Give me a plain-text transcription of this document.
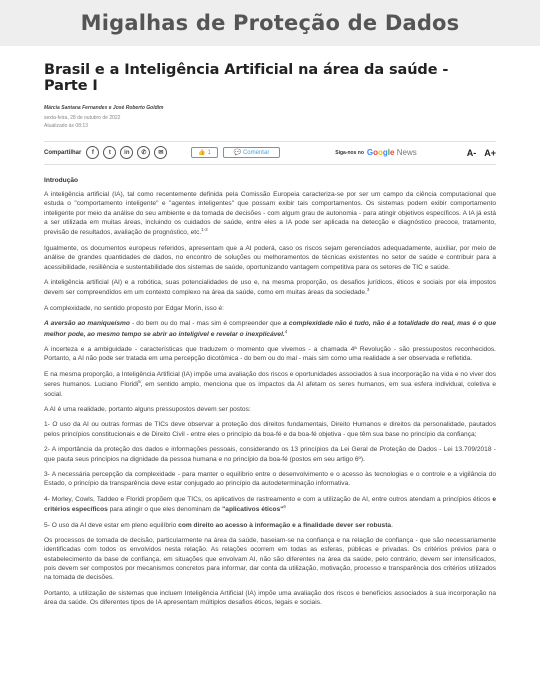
Migalhas de Proteção de Dados
Brasil e a Inteligência Artificial na área da saúde - Parte I
Márcia Santana Fernandes e José Roberto Goldim
sexta-feira, 28 de outubro de 2022
Atualizado às 08:13
Compartilhar	f	t	in	✆	✉	👍 1	💬 Comentar	Siga-nos no Google News	A- A+
Introdução

A inteligência artificial (IA), tal como recentemente definida pela Comissão Europeia caracteriza-se por ser um campo da ciência computacional que estuda o "comportamento inteligente" e "agentes inteligentes" que possam exibir tais comportamentos. Os sistemas podem exibir comportamento inteligente por meio da análise do seu ambiente e da tomada de decisões - com algum grau de autonomia - para atingir objetivos específicos. A IA já está a ser utilizada em muitas áreas, incluindo os cuidados de saúde, entre eles a IA pode ser aplicada na detecção e diagnóstico precoce, tratamento, previsão de resultados, avaliação de prognóstico, etc.$^{1-2}$

Igualmente, os documentos europeus referidos, apresentam que a AI poderá, caso os riscos sejam gerenciados adequadamente, auxiliar, por meio de análise de grandes quantidades de dados, no encontro de soluções ou melhoramentos de técnicas existentes no setor de saúde e contribuir para a acessibilidade, resiliência e sustentabilidade dos sistemas de saúde, oportunizando vantagem competitiva para os setores de TIC e saúde.

A inteligência artificial (AI) e a robótica, suas potencialidades de uso e, na mesma proporção, os desafios jurídicos, éticos e sociais por ela impostos devem ser compreendidos em um contexto complexo na área da saúde, como em muitas áreas da sociedade.$^3$

A complexidade, no sentido proposto por Edgar Morin, isso é:

A aversão ao maniqueísmo - do bem ou do mal - mas sim é compreender que a complexidade não é tudo, não é a totalidade do real, mas é o que melhor pode, ao mesmo tempo se abrir ao inteligível e revelar o inexplicável.$^4$

A incerteza e a ambiguidade - características que traduzem o momento que vivemos - a chamada 4ª Revolução - são pressupostos reconhecidos. Portanto, a AI não pode ser tratada em uma percepção dicotômica - do bem ou do mal - mais sim como uma realidade a ser observada e refletida.

E na mesma proporção, a Inteligência Artificial (IA) impõe uma avaliação dos riscos e oportunidades associados à sua incorporação na vida e no viver dos seres humanos. Luciano Floridi$^5$, em sentido amplo, menciona que os impactos da AI afetam os seres humanos, em sua esfera individual, coletiva e social.

A AI é uma realidade, portanto alguns pressupostos devem ser postos:

1- O uso da AI ou outras formas de TICs deve observar a proteção dos direitos fundamentais, Direito Humanos e direitos da personalidade, pautados pelos princípios constitucionais e de Direito Civil - entre eles o princípio da boa-fé e da boa-fé objetiva - que têm sua base no princípio da confiança;

2- A importância da proteção dos dados e informações pessoais, considerando os 13 princípios da Lei Geral de Proteção de Dados - Lei 13.709/2018 - que pauta seus princípios na dignidade da pessoa humana e no princípio da boa-fé (postos em seu artigo 6º).

3- A necessária percepção da complexidade - para manter o equilíbrio entre o desenvolvimento e o acesso às tecnologias e o controle e a vigilância do Estado, o princípio da transparência deve estar conjugado ao princípio da autodeterminação informativa.

4- Morley, Cowls, Taddeo e Floridi propõem que TICs, os aplicativos de rastreamento e com a utilização de AI, entre outros atendam a princípios éticos e critérios específicos para atingir o que eles denominam de "aplicativos éticos"$^6$

5- O uso da AI deve estar em pleno equilíbrio com direito ao acesso à informação e a finalidade dever ser robusta.

Os processos de tomada de decisão, particularmente na área da saúde, baseiam-se na confiança e na relação de confiança - que são necessariamente identificadas com todos os envolvidos nesta relação. As relações ocorrem em todas as esferas, públicas e privadas. Os critérios prévios para o estabelecimento da base de confiança, em situações que envolvam AI, não são diferentes na área da saúde, pelo contrário, devem ser intensificados, pois devem ser compostos por mecanismos concretos para informar, dar conta da utilização, motivação, processo e transparência dos critérios utilizados na tomada de decisões.

Portanto, a utilização de sistemas que incluem Inteligência Artificial (IA) impõe uma avaliação dos riscos e benefícios associados à sua incorporação na área da saúde. Os diferentes tipos de IA apresentam múltiplos desafios éticos, legais e sociais.
